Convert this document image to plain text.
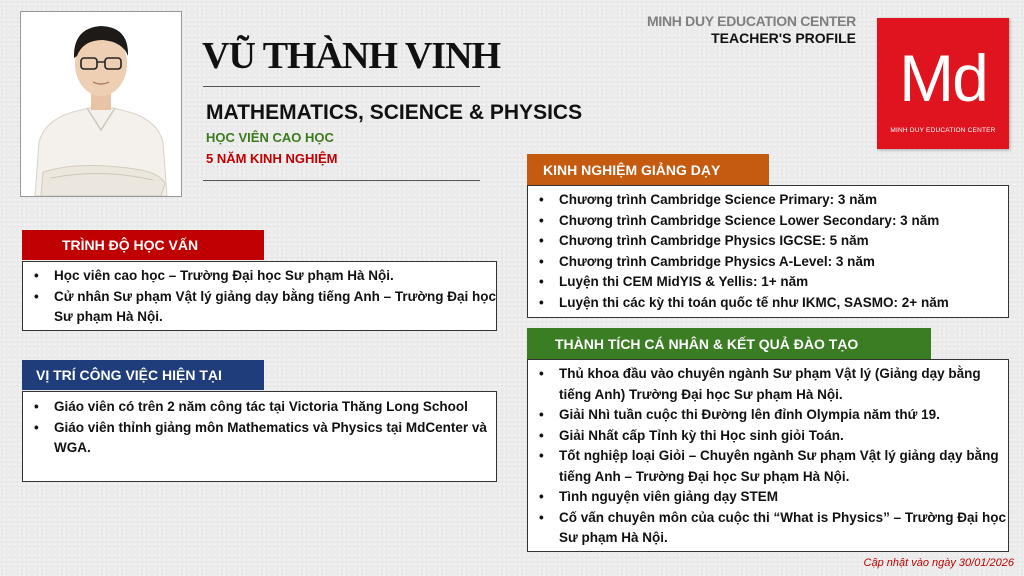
VŨ THÀNH VINH
MATHEMATICS, SCIENCE & PHYSICS
HỌC VIÊN CAO HỌC
5 NĂM KINH NGHIỆM
MINH DUY EDUCATION CENTER
TEACHER'S PROFILE
Md
MINH DUY EDUCATION CENTER
TRÌNH ĐỘ HỌC VẤN
• Học viên cao học – Trường Đại học Sư phạm Hà Nội.
• Cử nhân Sư phạm Vật lý giảng dạy bằng tiếng Anh – Trường Đại học Sư phạm Hà Nội.
VỊ TRÍ CÔNG VIỆC HIỆN TẠI
• Giáo viên có trên 2 năm công tác tại Victoria Thăng Long School
• Giáo viên thỉnh giảng môn Mathematics và Physics tại MdCenter và WGA.
KINH NGHIỆM GIẢNG DẠY
• Chương trình Cambridge Science Primary: 3 năm
• Chương trình Cambridge Science Lower Secondary: 3 năm
• Chương trình Cambridge Physics IGCSE: 5 năm
• Chương trình Cambridge Physics A-Level: 3 năm
• Luyện thi CEM MidYIS & Yellis: 1+ năm
• Luyện thi các kỳ thi toán quốc tế như IKMC, SASMO: 2+ năm
THÀNH TÍCH CÁ NHÂN & KẾT QUẢ ĐÀO TẠO
• Thủ khoa đầu vào chuyên ngành Sư phạm Vật lý (Giảng dạy bằng tiếng Anh) Trường Đại học Sư phạm Hà Nội.
• Giải Nhì tuần cuộc thi Đường lên đỉnh Olympia năm thứ 19.
• Giải Nhất cấp Tỉnh kỳ thi Học sinh giỏi Toán.
• Tốt nghiệp loại Giỏi – Chuyên ngành Sư phạm Vật lý giảng dạy bằng tiếng Anh – Trường Đại học Sư phạm Hà Nội.
• Tình nguyện viên giảng dạy STEM
• Cố vấn chuyên môn của cuộc thi “What is Physics” – Trường Đại học Sư phạm Hà Nội.
Cập nhật vào ngày 30/01/2026
